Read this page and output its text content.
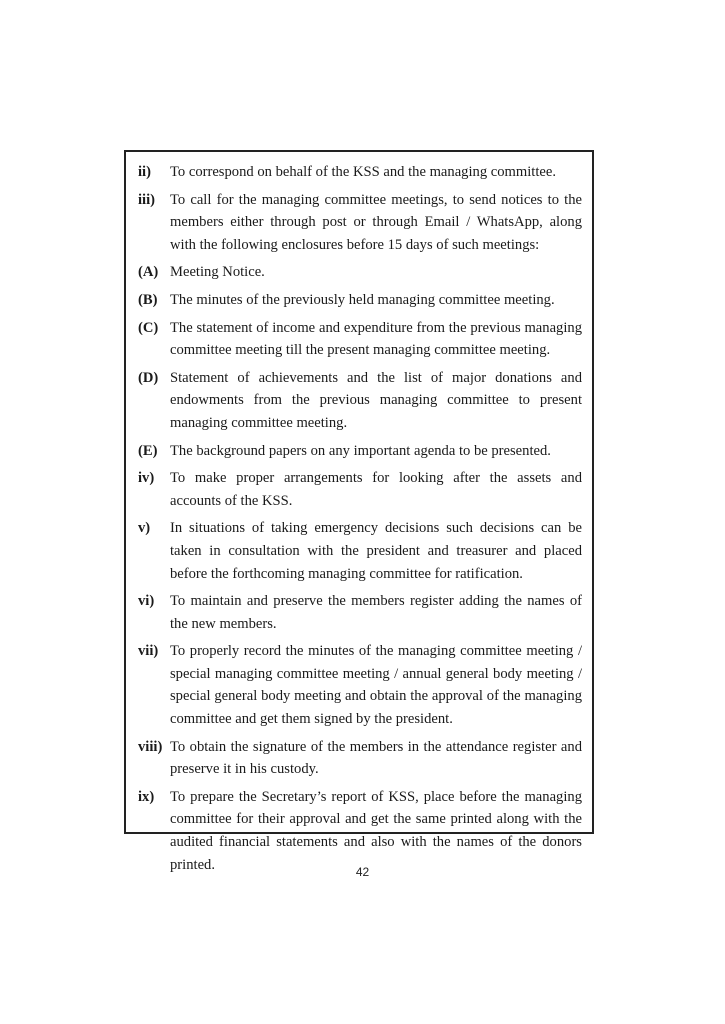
ii)	To correspond on behalf of the KSS and the managing committee.
iii)	To call for the managing committee meetings, to send notices to the members either through post or through Email / WhatsApp, along with the following enclosures before 15 days of such meetings:
(A) Meeting Notice.
(B) The minutes of the previously held managing committee meeting.
(C) The statement of income and expenditure from the previous managing committee meeting till the present managing committee meeting.
(D) Statement of achievements and the list of major donations and endowments from the previous managing committee to present managing committee meeting.
(E) The background papers on any important agenda to be presented.
iv)	To make proper arrangements for looking after the assets and accounts of the KSS.
v)	In situations of taking emergency decisions such decisions can be taken in consultation with the president and treasurer and placed before the forthcoming managing committee for ratification.
vi)	To maintain and preserve the members register adding the names of the new members.
vii) To properly record the minutes of the managing committee meeting / special managing committee meeting / annual general body meeting / special general body meeting and obtain the approval of the managing committee and get them signed by the president.
viii) To obtain the signature of the members in the attendance register and preserve it in his custody.
ix)	To prepare the Secretary’s report of KSS, place before the managing committee for their approval and get the same printed along with the audited financial statements and also with the names of the donors printed.	42
